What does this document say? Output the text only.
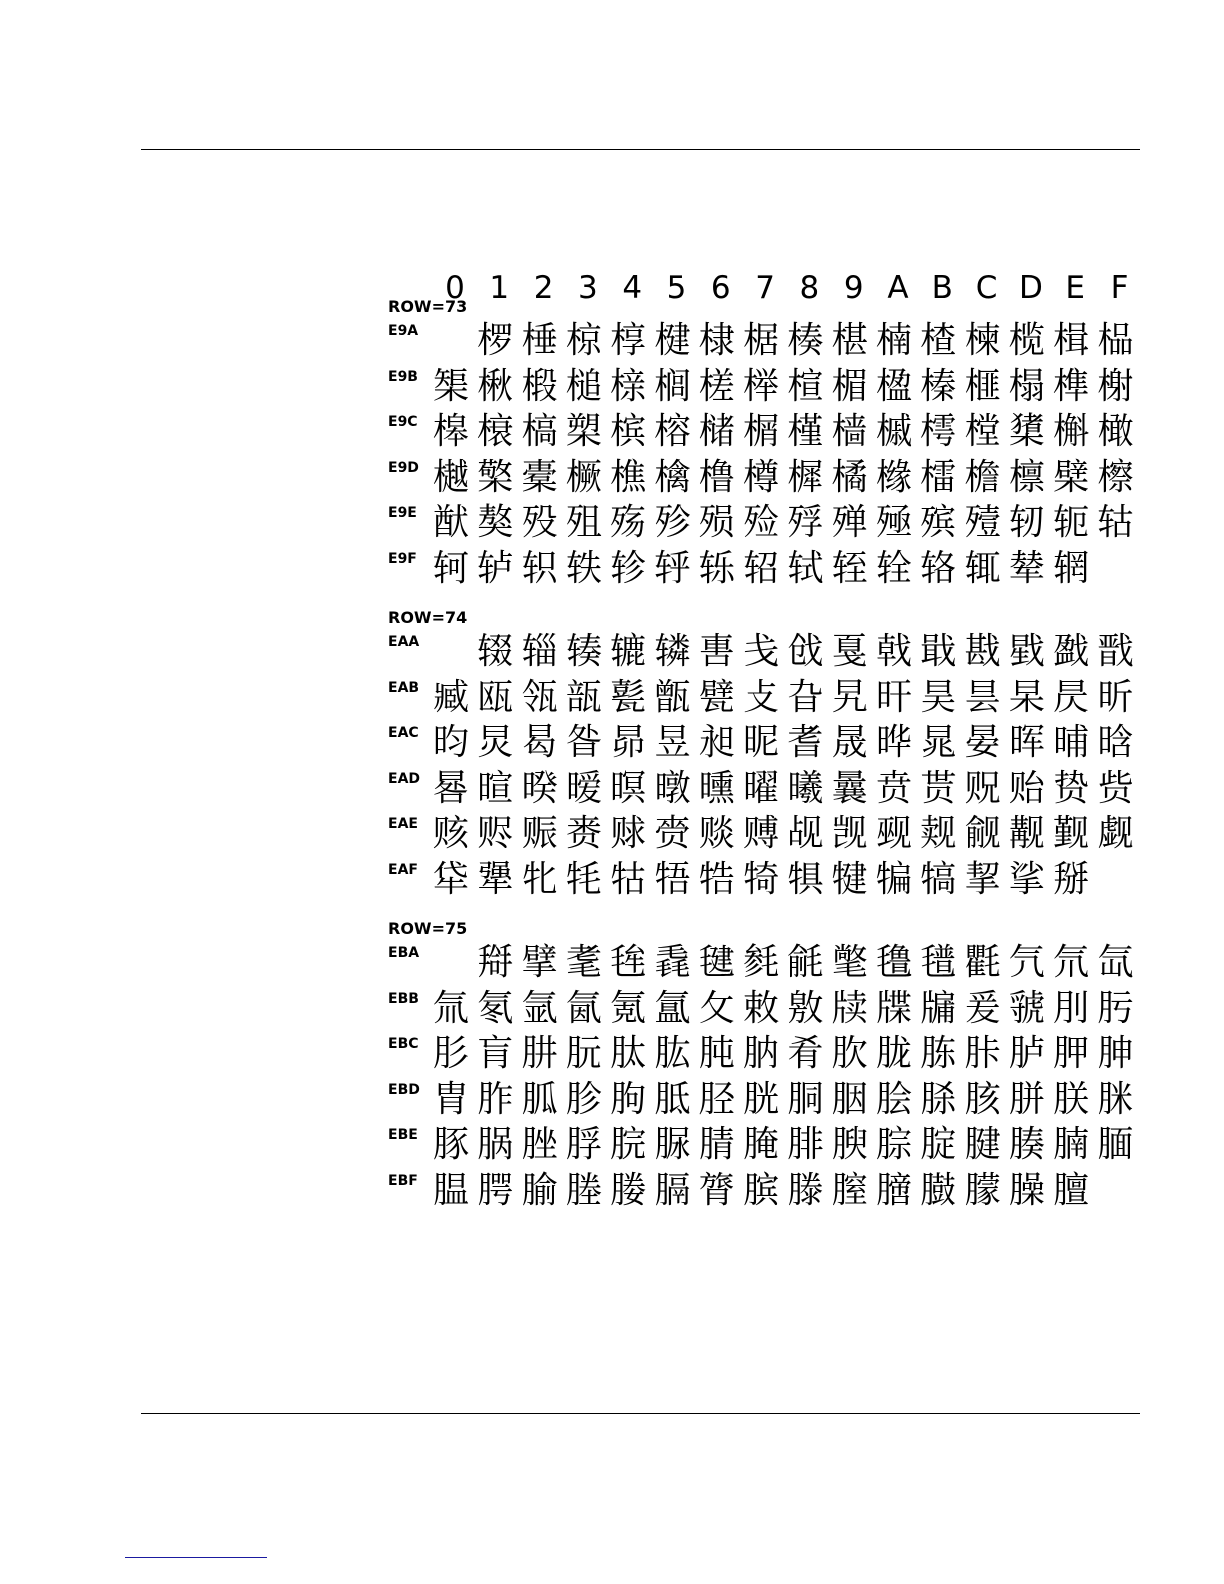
0 1 2 3 4 5 6 7 8 9 A B C D E F
ROW=73
E9A 椤 棰 椋 椁 楗 棣 椐 楱 椹 楠 楂 楝 榄 楫 榀
E9B 榘 楸 椴 槌 榇 榈 槎 榉 楦 楣 楹 榛 榧 榻 榫 榭
E9C 槔 榱 槁 槊 槟 榕 槠 榍 槿 樯 槭 樗 樘 橥 槲 橄
E9D 樾 檠 橐 橛 樵 檎 橹 樽 樨 橘 橼 檑 檐 檩 檗 檫
E9E 猷 獒 殁 殂 殇 殄 殒 殓 殍 殚 殛 殡 殪 轫 轭 轱
E9F 轲 轳 轵 轶 轸 轷 轹 轺 轼 轾 辁 辂 辄 辇 辋
ROW=74
EAA 辍 辎 辏 辘 辚 軎 戋 戗 戛 戟 戢 戡 戥 戤 戬
EAB 臧 瓯 瓴 瓿 甏 甑 甓 攴 旮 旯 旰 昊 昙 杲 昃 昕
EAC 昀 炅 曷 昝 昴 昱 昶 昵 耆 晟 晔 晁 晏 晖 晡 晗
EAD 晷 暄 暌 暧 暝 暾 曛 曜 曦 曩 贲 贳 贶 贻 贽 赀
EAE 赅 赆 赈 赉 赇 赍 赕 赙 觇 觊 觋 觌 觎 觏 觐 觑
EAF 牮 犟 牝 牦 牯 牾 牿 犄 犋 犍 犏 犒 挈 挲 掰
ROW=75
EBA 搿 擘 耄 毪 毳 毽 毵 毹 氅 氇 氆 氍 氕 氘 氙
EBB 氚 氡 氩 氤 氪 氲 攵 敕 敫 牍 牒 牖 爰 虢 刖 肟
EBC 肜 肓 肼 朊 肽 肱 肫 肭 肴 肷 胧 胨 胩 胪 胛 胂
EBD 胄 胙 胍 胗 朐 胝 胫 胱 胴 胭 脍 脎 胲 胼 朕 脒
EBE 豚 脶 脞 脬 脘 脲 腈 腌 腓 腴 腙 腚 腱 腠 腩 腼
EBF 腽 腭 腧 塍 媵 膈 膂 膑 滕 膣 膪 臌 朦 臊 膻
